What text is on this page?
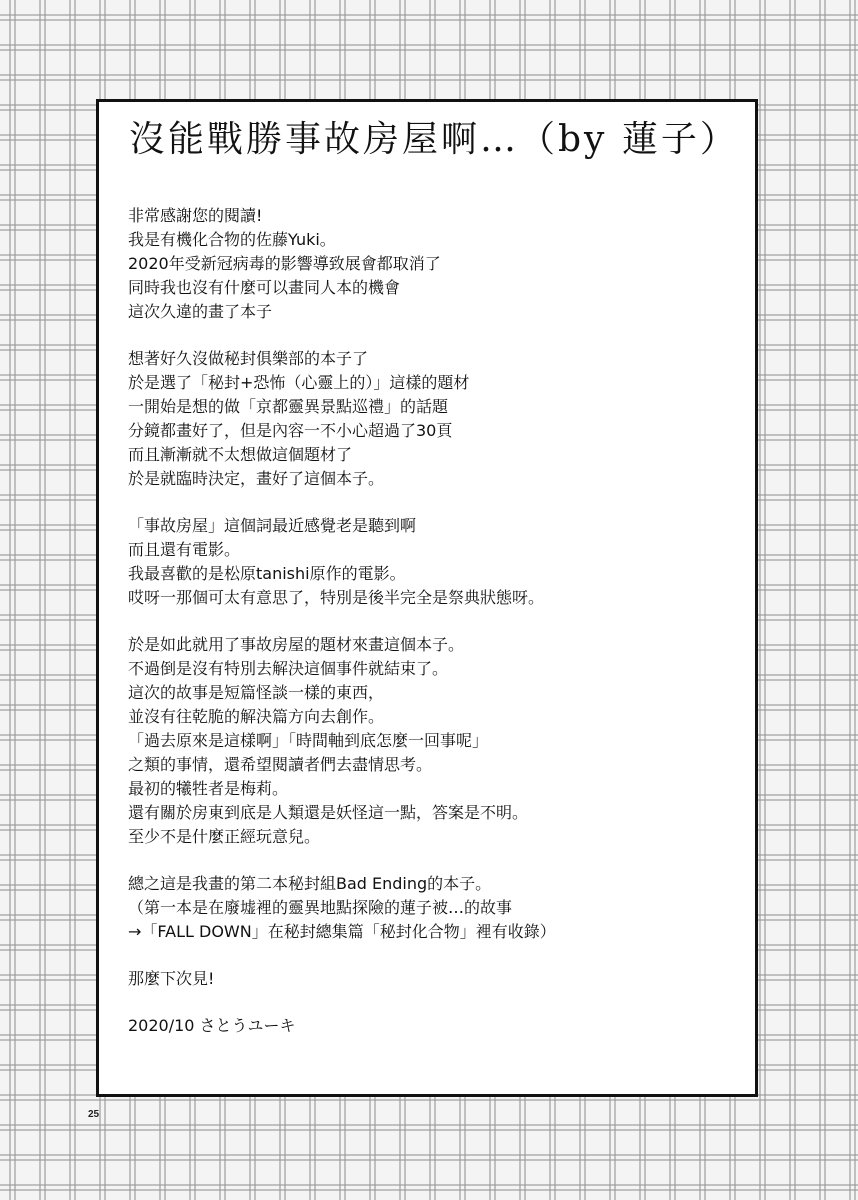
沒能戰勝事故房屋啊…（by 蓮子）
非常感謝您的閱讀!
我是有機化合物的佐藤Yuki。
2020年受新冠病毒的影響導致展會都取消了
同時我也沒有什麼可以畫同人本的機會
這次久違的畫了本子
想著好久沒做秘封俱樂部的本子了
於是選了「秘封+恐怖（心靈上的）」這樣的題材
一開始是想的做「京都靈異景點巡禮」的話題
分鏡都畫好了，但是內容一不小心超過了30頁
而且漸漸就不太想做這個題材了
於是就臨時決定，畫好了這個本子。
「事故房屋」這個詞最近感覺老是聽到啊
而且還有電影。
我最喜歡的是松原tanishi原作的電影。
哎呀一那個可太有意思了，特別是後半完全是祭典狀態呀。
於是如此就用了事故房屋的題材來畫這個本子。
不過倒是沒有特別去解決這個事件就結束了。
這次的故事是短篇怪談一樣的東西，
並沒有往乾脆的解決篇方向去創作。
「過去原來是這樣啊」「時間軸到底怎麼一回事呢」
之類的事情，還希望閱讀者們去盡情思考。
最初的犧牲者是梅莉。
還有關於房東到底是人類還是妖怪這一點，答案是不明。
至少不是什麼正經玩意兒。
總之這是我畫的第二本秘封組Bad Ending的本子。
（第一本是在廢墟裡的靈異地點探險的蓮子被…的故事
→「FALL DOWN」在秘封總集篇「秘封化合物」裡有收錄）
那麼下次見!
2020/10 さとうユーキ
25
